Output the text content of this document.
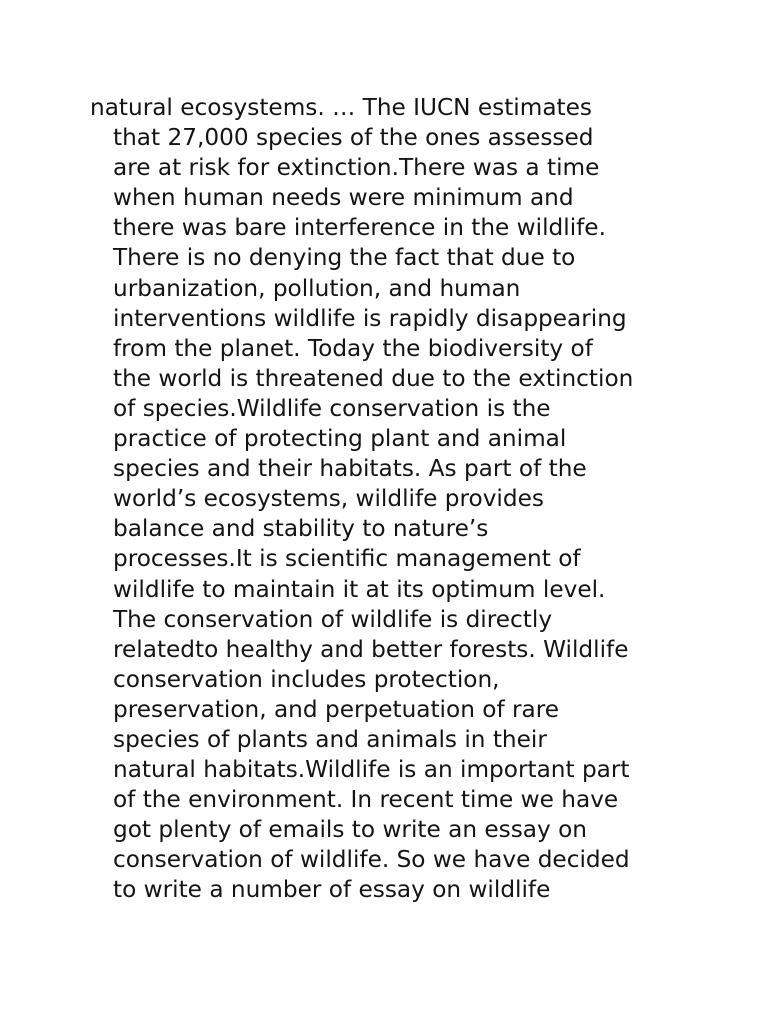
natural ecosystems. … The IUCN estimates
that 27,000 species of the ones assessed
are at risk for extinction.There was a time
when human needs were minimum and
there was bare interference in the wildlife.
There is no denying the fact that due to
urbanization, pollution, and human
interventions wildlife is rapidly disappearing
from the planet. Today the biodiversity of
the world is threatened due to the extinction
of species.Wildlife conservation is the
practice of protecting plant and animal
species and their habitats. As part of the
world’s ecosystems, wildlife provides
balance and stability to nature’s
processes.It is scientific management of
wildlife to maintain it at its optimum level.
The conservation of wildlife is directly
relatedto healthy and better forests. Wildlife
conservation includes protection,
preservation, and perpetuation of rare
species of plants and animals in their
natural habitats.Wildlife is an important part
of the environment. In recent time we have
got plenty of emails to write an essay on
conservation of wildlife. So we have decided
to write a number of essay on wildlife
